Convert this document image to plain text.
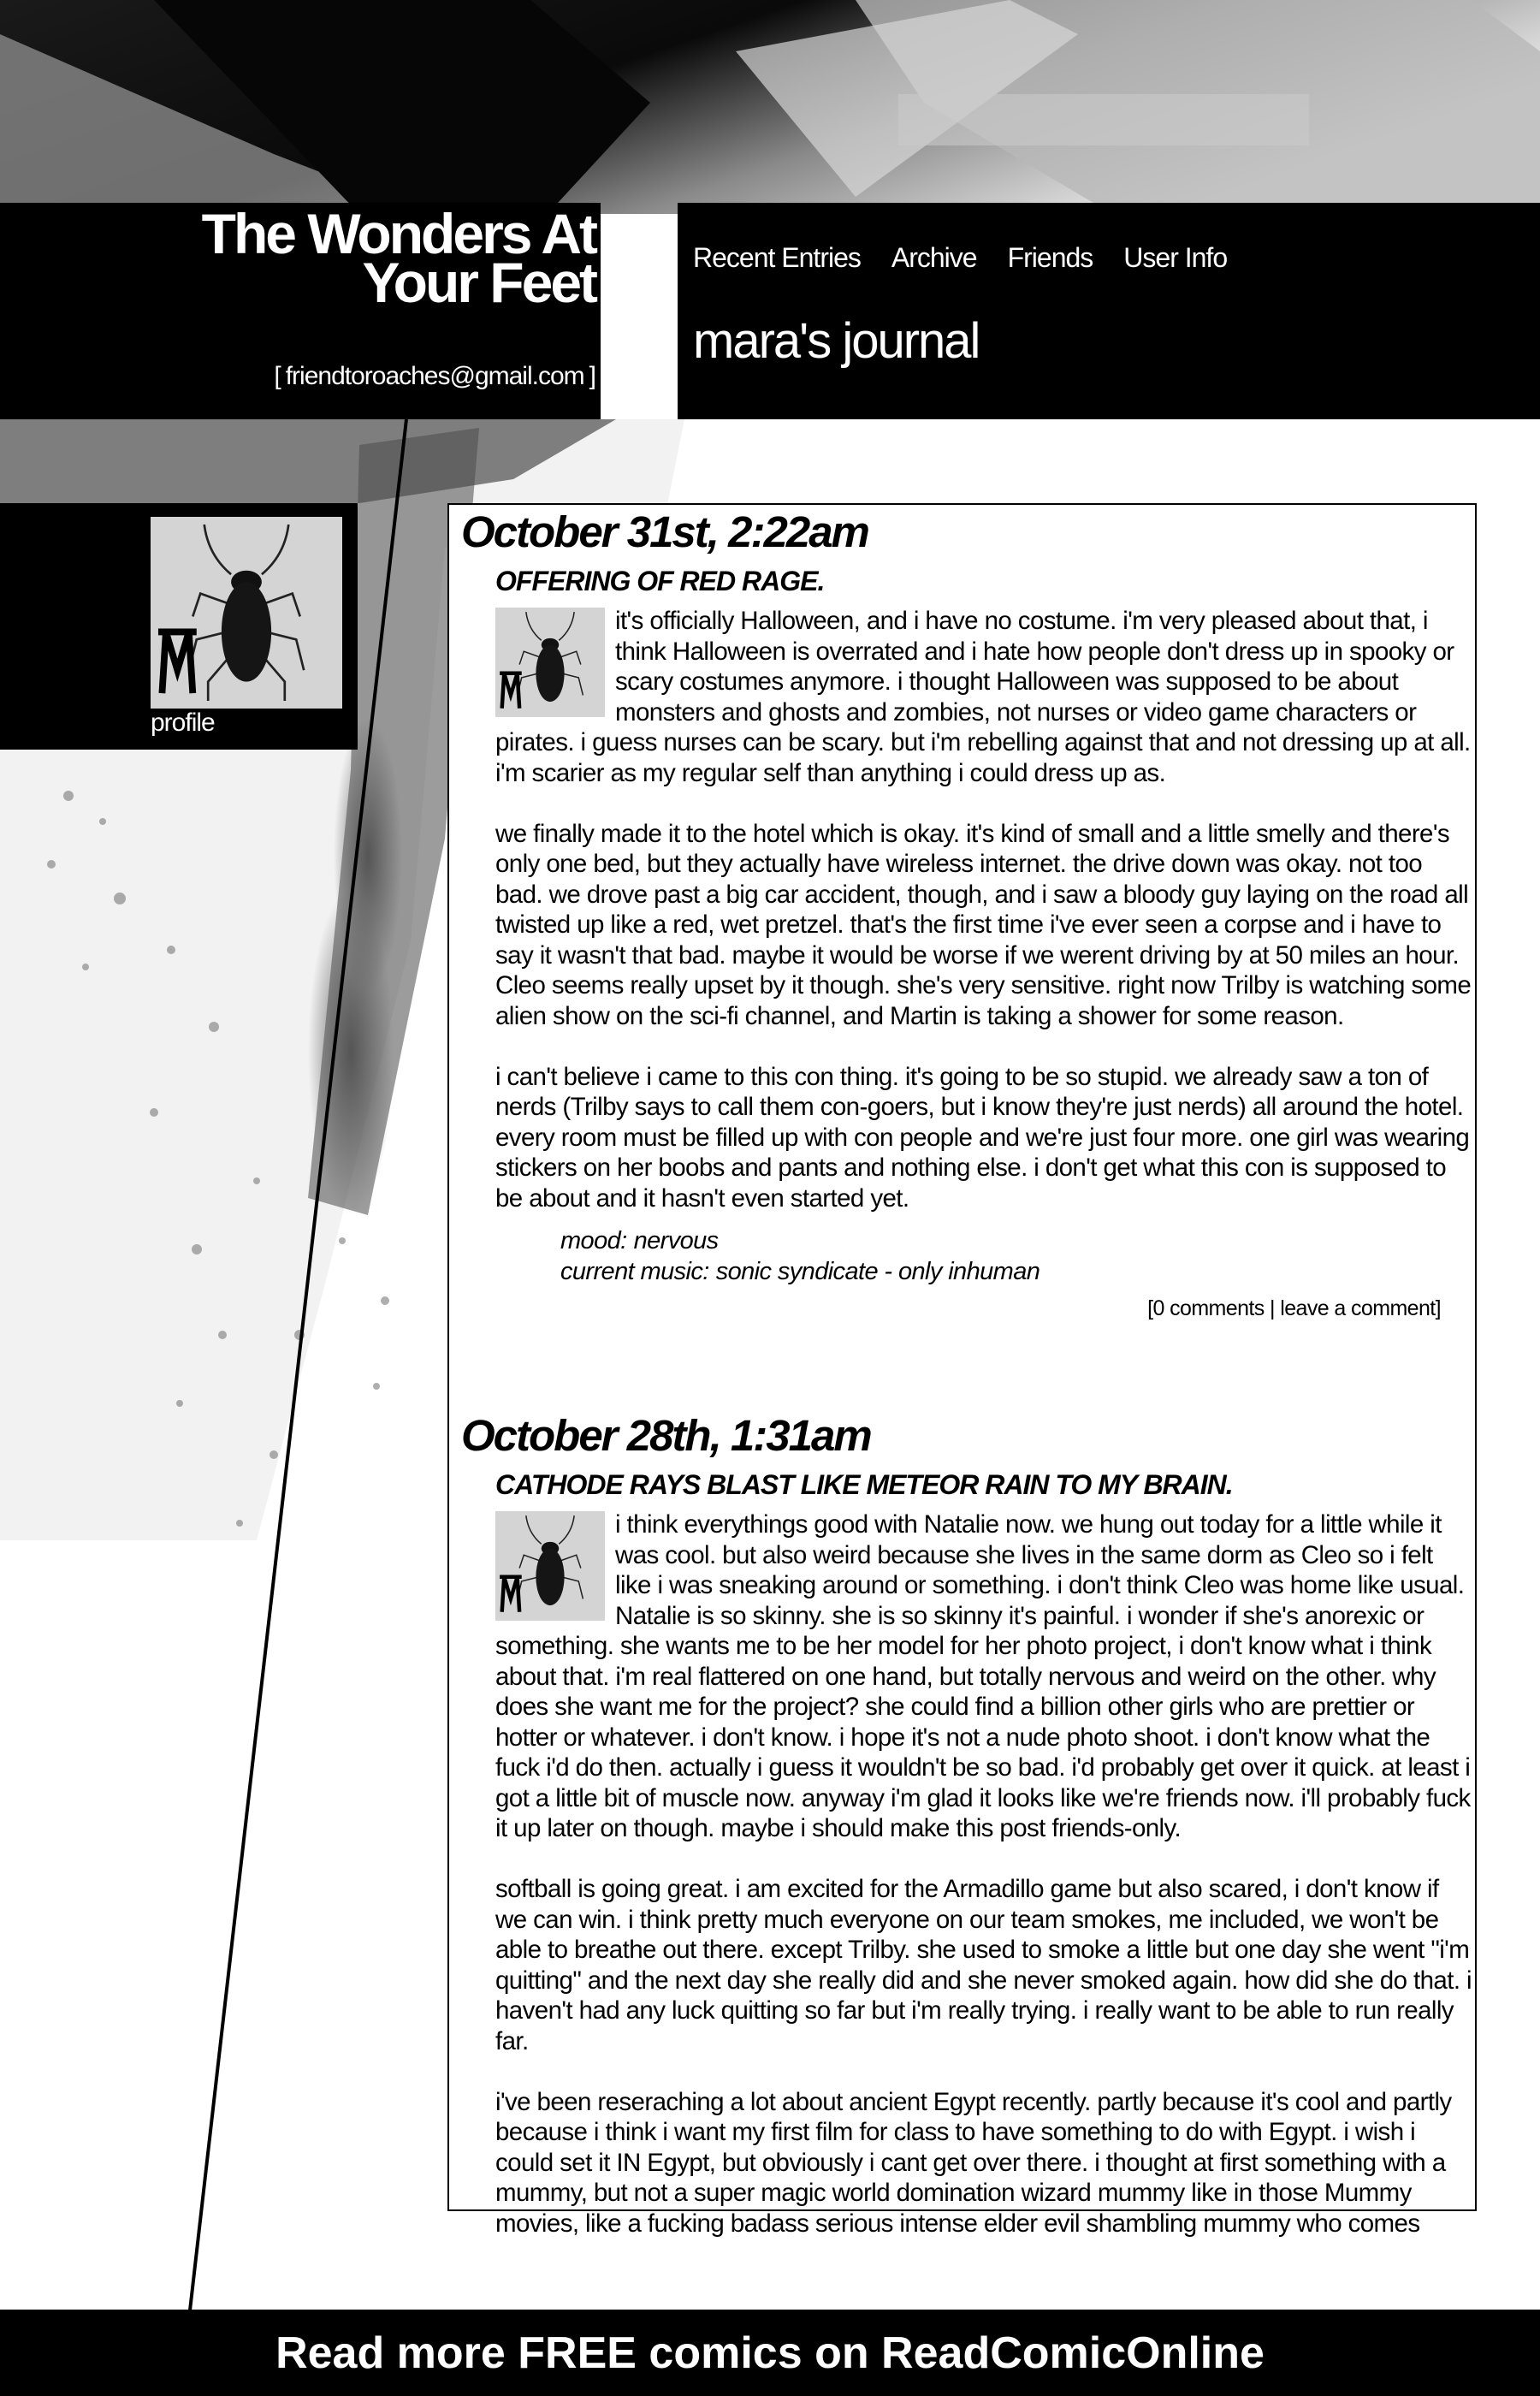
The Wonders At
Your Feet
[ friendtoroaches@gmail.com ]
Recent Entries Archive Friends User Info
mara's journal
profile
October 31st, 2:22am
OFFERING OF RED RAGE.

it's officially Halloween, and i have no costume. i'm very pleased about that, i think Halloween is overrated and i hate how people don't dress up in spooky or scary costumes anymore. i thought Halloween was supposed to be about monsters and ghosts and zombies, not nurses or video game characters or pirates. i guess nurses can be scary. but i'm rebelling against that and not dressing up at all. i'm scarier as my regular self than anything i could dress up as.

we finally made it to the hotel which is okay. it's kind of small and a little smelly and there's only one bed, but they actually have wireless internet. the drive down was okay. not too bad. we drove past a big car accident, though, and i saw a bloody guy laying on the road all twisted up like a red, wet pretzel. that's the first time i've ever seen a corpse and i have to say it wasn't that bad. maybe it would be worse if we werent driving by at 50 miles an hour. Cleo seems really upset by it though. she's very sensitive. right now Trilby is watching some alien show on the sci-fi channel, and Martin is taking a shower for some reason.

i can't believe i came to this con thing. it's going to be so stupid. we already saw a ton of nerds (Trilby says to call them con-goers, but i know they're just nerds) all around the hotel. every room must be filled up with con people and we're just four more. one girl was wearing stickers on her boobs and pants and nothing else. i don't get what this con is supposed to be about and it hasn't even started yet.

mood: nervous
current music: sonic syndicate - only inhuman
[0 comments | leave a comment]
October 28th, 1:31am
CATHODE RAYS BLAST LIKE METEOR RAIN TO MY BRAIN.

i think everythings good with Natalie now. we hung out today for a little while it was cool. but also weird because she lives in the same dorm as Cleo so i felt like i was sneaking around or something. i don't think Cleo was home like usual. Natalie is so skinny. she is so skinny it's painful. i wonder if she's anorexic or something. she wants me to be her model for her photo project, i don't know what i think about that. i'm real flattered on one hand, but totally nervous and weird on the other. why does she want me for the project? she could find a billion other girls who are prettier or hotter or whatever. i don't know. i hope it's not a nude photo shoot. i don't know what the fuck i'd do then. actually i guess it wouldn't be so bad. i'd probably get over it quick. at least i got a little bit of muscle now. anyway i'm glad it looks like we're friends now. i'll probably fuck it up later on though. maybe i should make this post friends-only.

softball is going great. i am excited for the Armadillo game but also scared, i don't know if we can win. i think pretty much everyone on our team smokes, me included, we won't be able to breathe out there. except Trilby. she used to smoke a little but one day she went "i'm quitting" and the next day she really did and she never smoked again. how did she do that. i haven't had any luck quitting so far but i'm really trying. i really want to be able to run really far.

i've been reseraching a lot about ancient Egypt recently. partly because it's cool and partly because i think i want my first film for class to have something to do with Egypt. i wish i could set it IN Egypt, but obviously i cant get over there. i thought at first something with a mummy, but not a super magic world domination wizard mummy like in those Mummy movies, like a fucking badass serious intense elder evil shambling mummy who comes

Read more FREE comics on ReadComicOnline
